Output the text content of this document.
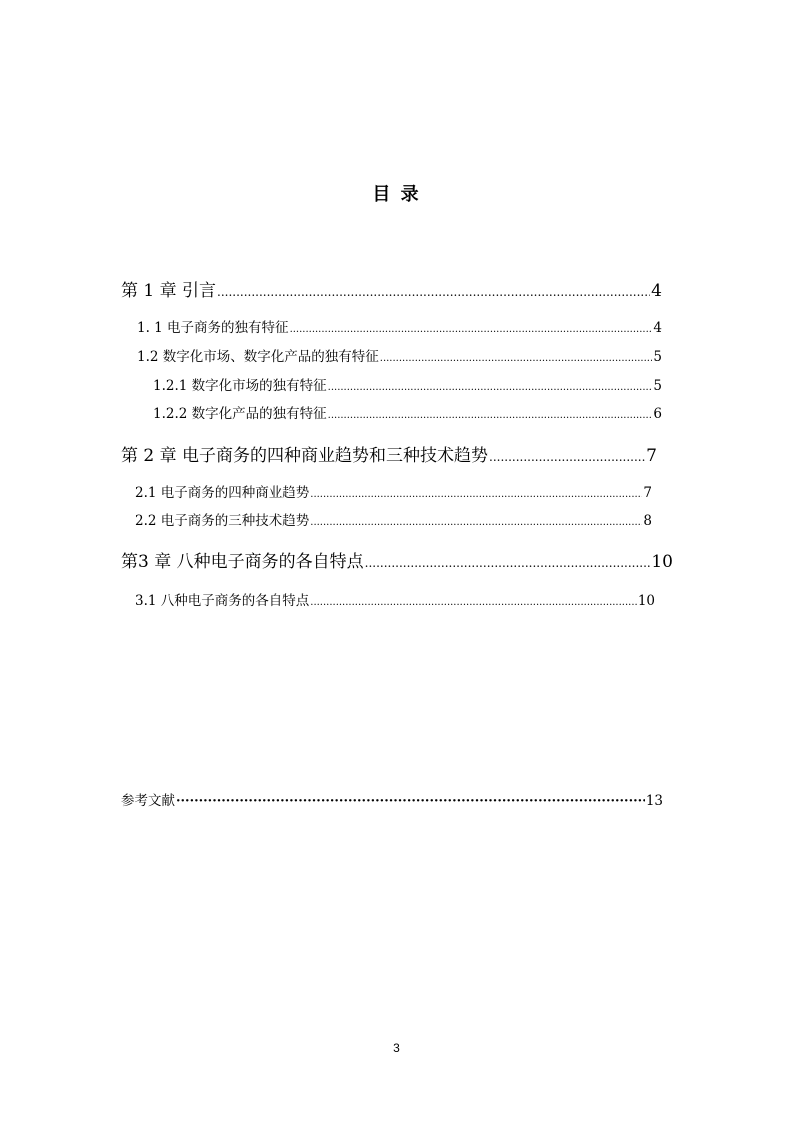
目 录
第 1 章 引言 .....	4
1. 1 电子商务的独有特征 .....	4
1.2 数字化市场、数字化产品的独有特征 .....	5
1.2.1 数字化市场的独有特征 .....	5
1.2.2 数字化产品的独有特征 .....	6
第 2 章 电子商务的四种商业趋势和三种技术趋势 .....	7
2.1 电子商务的四种商业趋势 .....	7
2.2 电子商务的三种技术趋势 .....	8
第3 章 八种电子商务的各自特点 .....	10
3.1 八种电子商务的各自特点 .....	10
参考文献 ·····	13
3
